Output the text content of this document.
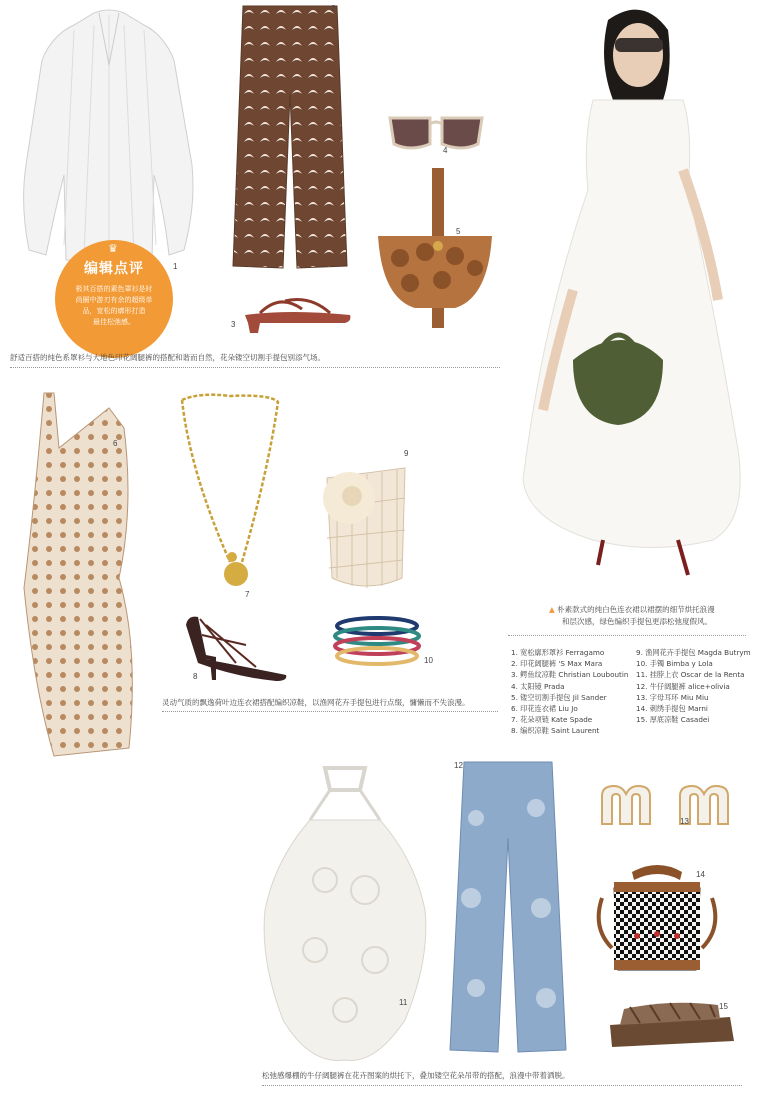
1
2
3
4
5
6
7
8
9
10
11
12
13
14
15
♛
编辑点评
极其百搭的素色罩衫是时
尚圈中游刃有余的超级单
品，宽松的廓形打造
最佳松弛感。
舒适百搭的纯色系罩衫与大地色印花阔腿裤的搭配和谐而自然，花朵镂空切割手提包别添气场。
灵动气质的飘逸荷叶边连衣裙搭配编织凉鞋，以渔网花卉手提包进行点缀，慵懒而不失浪漫。
松弛感爆棚的牛仔阔腿裤在花卉图案的烘托下，叠加镂空花朵吊带的搭配，浪漫中带着洒脱。
▲ 朴素款式的纯白色连衣裙以裙摆的细节烘托浪漫
和层次感，绿色编织手提包更添松弛度假风。
1. 宽松廓形罩衫 Ferragamo
2. 印花阔腿裤 'S Max Mara
3. 鳄鱼纹凉鞋 Christian Louboutin
4. 太阳镜 Prada
5. 镂空切割手提包 Jil Sander
6. 印花连衣裙 Liu Jo
7. 花朵项链 Kate Spade
8. 编织凉鞋 Saint Laurent
9. 渔网花卉手提包 Magda Butrym
10. 手镯 Bimba y Lola
11. 挂脖上衣 Oscar de la Renta
12. 牛仔阔腿裤 alice+olivia
13. 字母耳环 Miu Miu
14. 刺绣手提包 Marni
15. 厚底凉鞋 Casadei
